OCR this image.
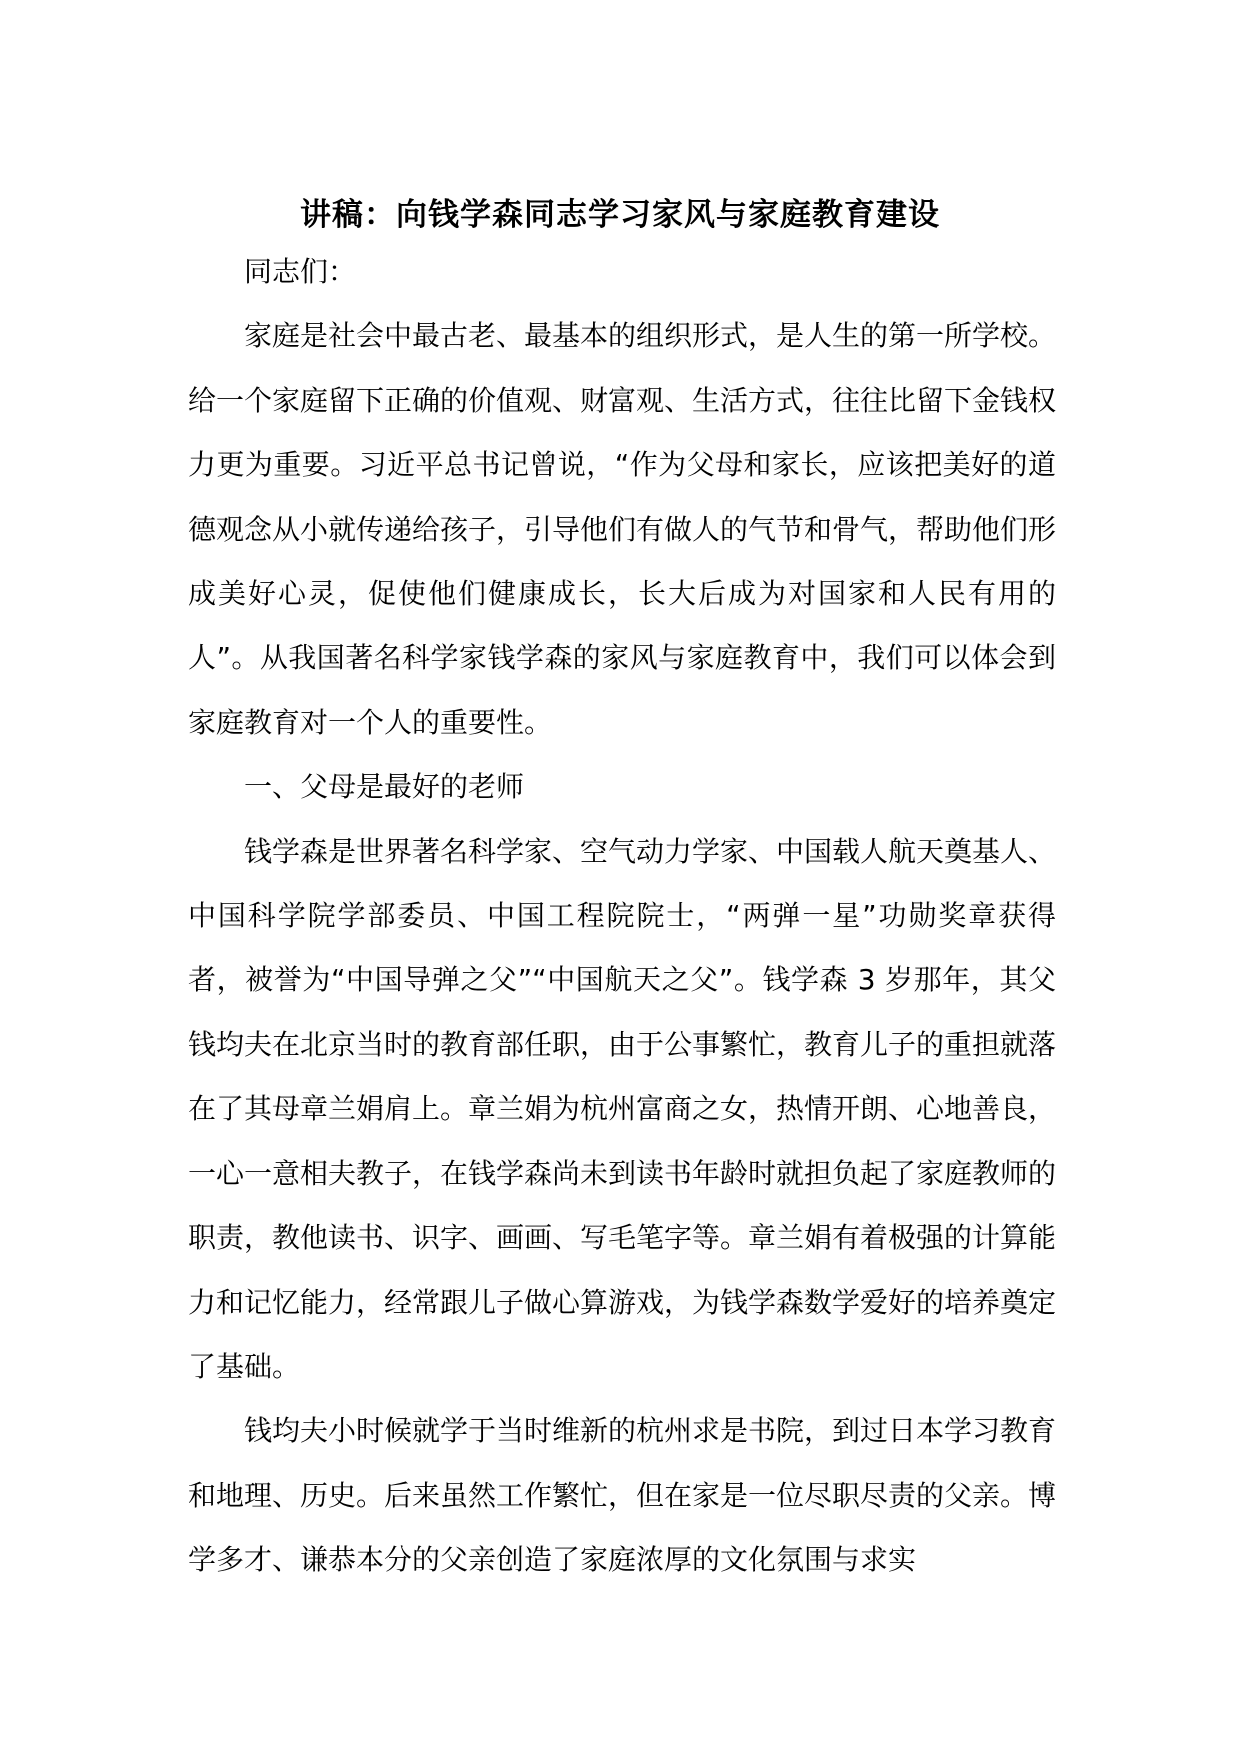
讲稿：向钱学森同志学习家风与家庭教育建设

同志们：

家庭是社会中最古老、最基本的组织形式，是人生的第一所学校。给一个家庭留下正确的价值观、财富观、生活方式，往往比留下金钱权力更为重要。习近平总书记曾说，“作为父母和家长，应该把美好的道德观念从小就传递给孩子，引导他们有做人的气节和骨气，帮助他们形成美好心灵，促使他们健康成长，长大后成为对国家和人民有用的人”。从我国著名科学家钱学森的家风与家庭教育中，我们可以体会到家庭教育对一个人的重要性。

一、父母是最好的老师

钱学森是世界著名科学家、空气动力学家、中国载人航天奠基人、中国科学院学部委员、中国工程院院士，“两弹一星”功勋奖章获得者，被誉为“中国导弹之父”“中国航天之父”。钱学森 3 岁那年，其父钱均夫在北京当时的教育部任职，由于公事繁忙，教育儿子的重担就落在了其母章兰娟肩上。章兰娟为杭州富商之女，热情开朗、心地善良，一心一意相夫教子，在钱学森尚未到读书年龄时就担负起了家庭教师的职责，教他读书、识字、画画、写毛笔字等。章兰娟有着极强的计算能力和记忆能力，经常跟儿子做心算游戏，为钱学森数学爱好的培养奠定了基础。

钱均夫小时候就学于当时维新的杭州求是书院，到过日本学习教育和地理、历史。后来虽然工作繁忙，但在家是一位尽职尽责的父亲。博学多才、谦恭本分的父亲创造了家庭浓厚的文化氛围与求实
